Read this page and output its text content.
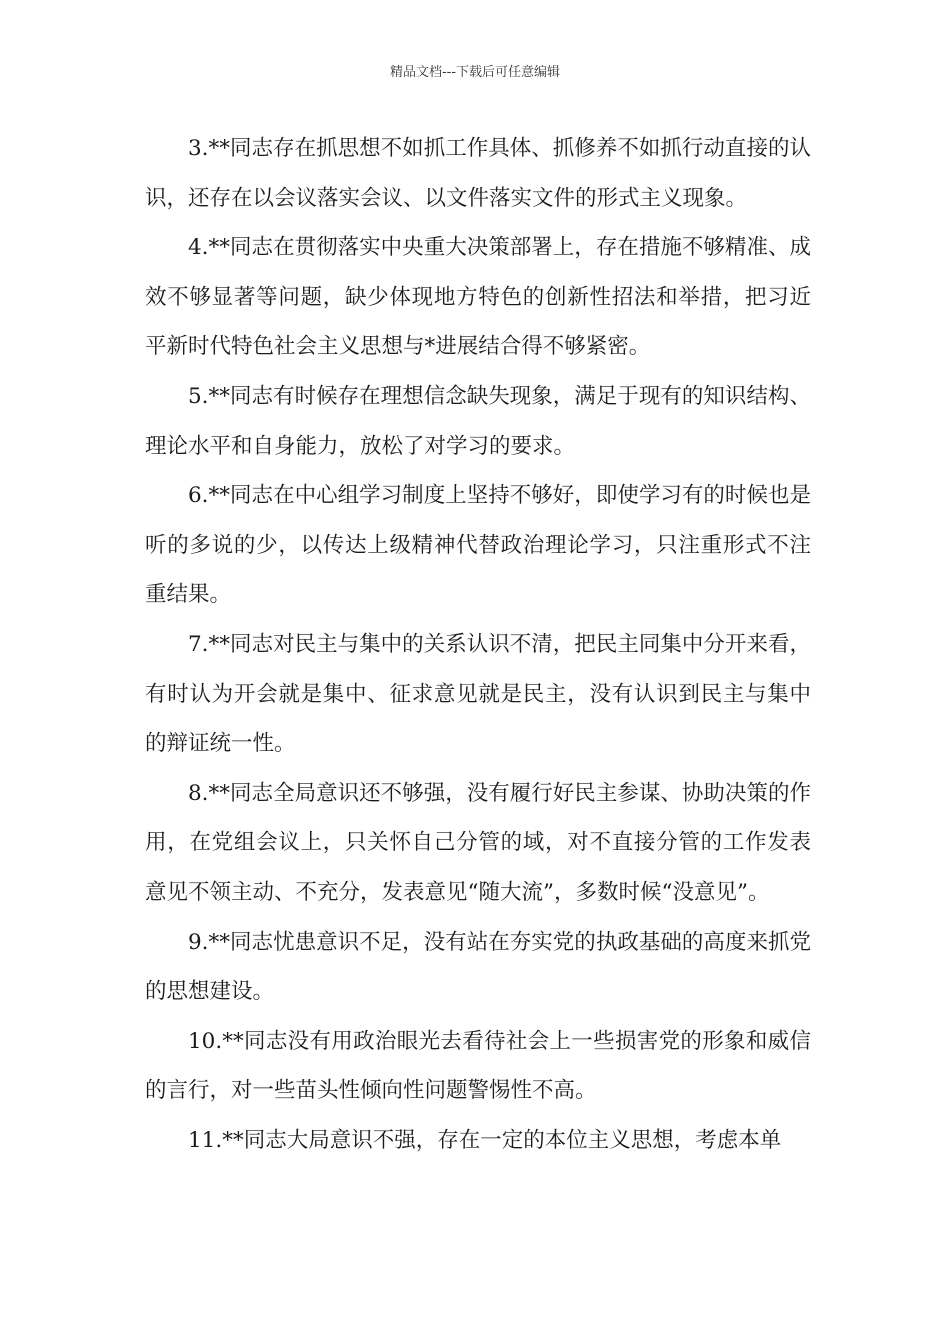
精品文档---下载后可任意编辑

3.**同志存在抓思想不如抓工作具体、抓修养不如抓行动直接的认识，还存在以会议落实会议、以文件落实文件的形式主义现象。

4.**同志在贯彻落实中央重大决策部署上，存在措施不够精准、成效不够显著等问题，缺少体现地方特色的创新性招法和举措，把习近平新时代特色社会主义思想与*进展结合得不够紧密。

5.**同志有时候存在理想信念缺失现象，满足于现有的知识结构、理论水平和自身能力，放松了对学习的要求。

6.**同志在中心组学习制度上坚持不够好，即使学习有的时候也是听的多说的少，以传达上级精神代替政治理论学习，只注重形式不注重结果。

7.**同志对民主与集中的关系认识不清，把民主同集中分开来看，有时认为开会就是集中、征求意见就是民主，没有认识到民主与集中的辩证统一性。

8.**同志全局意识还不够强，没有履行好民主参谋、协助决策的作用，在党组会议上，只关怀自己分管的域，对不直接分管的工作发表意见不领主动、不充分，发表意见“随大流”，多数时候“没意见”。

9.**同志忧患意识不足，没有站在夯实党的执政基础的高度来抓党的思想建设。

10.**同志没有用政治眼光去看待社会上一些损害党的形象和威信的言行，对一些苗头性倾向性问题警惕性不高。

11.**同志大局意识不强，存在一定的本位主义思想，考虑本单
